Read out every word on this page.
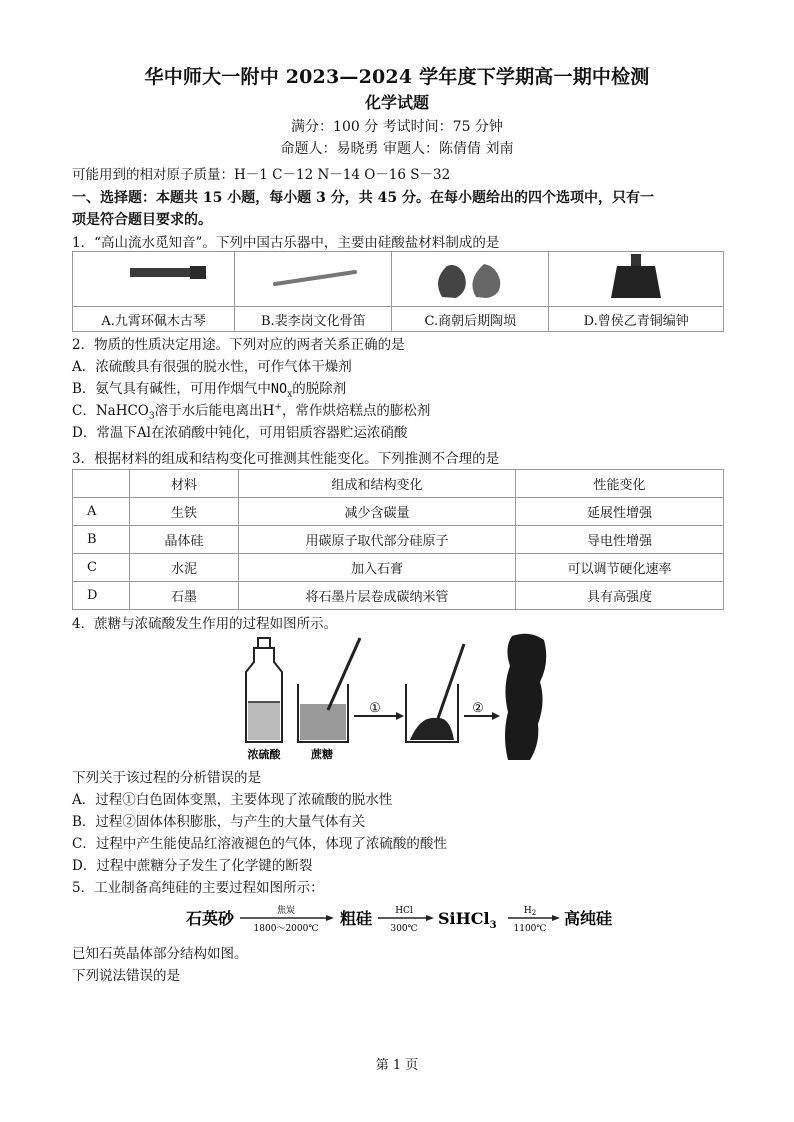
华中师大一附中 2023—2024 学年度下学期高一期中检测
化学试题
满分：100 分 考试时间：75 分钟
命题人：易晓勇 审题人：陈倩倩 刘南
可能用到的相对原子质量：H－1 C－12 N－14 O－16 S－32
一、选择题：本题共 15 小题，每小题 3 分，共 45 分。在每小题给出的四个选项中，只有一
项是符合题目要求的。
1．“高山流水觅知音”。下列中国古乐器中，主要由硅酸盐材料制成的是

A.九霄环佩木古琴	B.裴李岗文化骨笛	C.商朝后期陶埙	D.曾侯乙青铜编钟
2．物质的性质决定用途。下列对应的两者关系正确的是
A．浓硫酸具有很强的脱水性，可作气体干燥剂
B．氨气具有碱性，可用作烟气中$NO_x$的脱除剂
C．NaHCO$_3$溶于水后能电离出H+，常作烘焙糕点的膨松剂
D．常温下Al在浓硝酸中钝化，可用铝质容器贮运浓硝酸
3．根据材料的组成和结构变化可推测其性能变化。下列推测不合理的是
	材料	组成和结构变化	性能变化
A	生铁	减少含碳量	延展性增强
B	晶体硅	用碳原子取代部分硅原子	导电性增强
C	水泥	加入石膏	可以调节硬化速率
D	石墨	将石墨片层卷成碳纳米管	具有高强度
4．蔗糖与浓硫酸发生作用的过程如图所示。
浓硫酸	蔗糖
①	②
下列关于该过程的分析错误的是
A．过程①白色固体变黑，主要体现了浓硫酸的脱水性
B．过程②固体体积膨胀，与产生的大量气体有关
C．过程中产生能使品红溶液褪色的气体，体现了浓硫酸的酸性
D．过程中蔗糖分子发生了化学键的断裂
5．工业制备高纯硅的主要过程如图所示：
石英砂	焦炭
1800～2000℃
粗硅	HCl
300℃
SiHCl$_3$
$H_2$
1100℃
高纯硅
已知石英晶体部分结构如图。
下列说法错误的是
第 1 页
